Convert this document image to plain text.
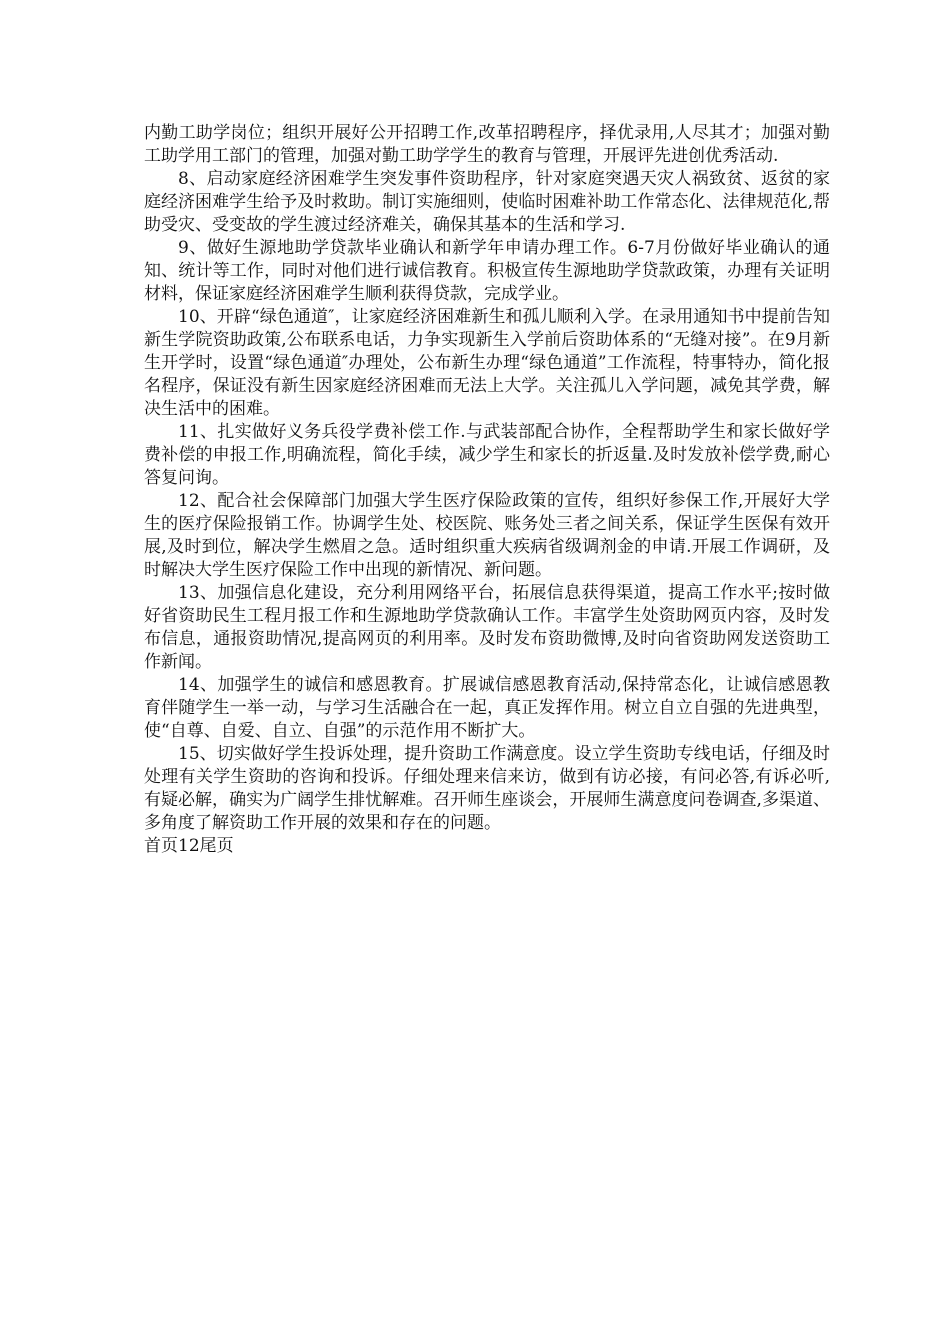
内勤工助学岗位；组织开展好公开招聘工作,改革招聘程序，择优录用,人尽其才；加强对勤工助学用工部门的管理，加强对勤工助学学生的教育与管理，开展评先进创优秀活动.

8、启动家庭经济困难学生突发事件资助程序，针对家庭突遇天灾人祸致贫、返贫的家庭经济困难学生给予及时救助。制订实施细则，使临时困难补助工作常态化、法律规范化,帮助受灾、受变故的学生渡过经济难关，确保其基本的生活和学习.

9、做好生源地助学贷款毕业确认和新学年申请办理工作。6-7月份做好毕业确认的通知、统计等工作，同时对他们进行诚信教育。积极宣传生源地助学贷款政策，办理有关证明材料，保证家庭经济困难学生顺利获得贷款，完成学业。

10、开辟“绿色通道″，让家庭经济困难新生和孤儿顺利入学。在录用通知书中提前告知新生学院资助政策,公布联系电话，力争实现新生入学前后资助体系的“无缝对接”。在9月新生开学时，设置“绿色通道″办理处，公布新生办理“绿色通道”工作流程，特事特办，简化报名程序，保证没有新生因家庭经济困难而无法上大学。关注孤儿入学问题，减免其学费，解决生活中的困难。

11、扎实做好义务兵役学费补偿工作.与武装部配合协作，全程帮助学生和家长做好学费补偿的申报工作,明确流程，简化手续，减少学生和家长的折返量.及时发放补偿学费,耐心答复问询。

12、配合社会保障部门加强大学生医疗保险政策的宣传，组织好参保工作,开展好大学生的医疗保险报销工作。协调学生处、校医院、账务处三者之间关系，保证学生医保有效开展,及时到位，解决学生燃眉之急。适时组织重大疾病省级调剂金的申请.开展工作调研，及时解决大学生医疗保险工作中出现的新情况、新问题。

13、加强信息化建设，充分利用网络平台，拓展信息获得渠道，提高工作水平;按时做好省资助民生工程月报工作和生源地助学贷款确认工作。丰富学生处资助网页内容，及时发布信息，通报资助情况,提高网页的利用率。及时发布资助微博,及时向省资助网发送资助工作新闻。

14、加强学生的诚信和感恩教育。扩展诚信感恩教育活动,保持常态化，让诚信感恩教育伴随学生一举一动，与学习生活融合在一起，真正发挥作用。树立自立自强的先进典型，使“自尊、自爱、自立、自强”的示范作用不断扩大。

15、切实做好学生投诉处理，提升资助工作满意度。设立学生资助专线电话，仔细及时处理有关学生资助的咨询和投诉。仔细处理来信来访，做到有访必接，有问必答,有诉必听,有疑必解，确实为广阔学生排忧解难。召开师生座谈会，开展师生满意度问卷调查,多渠道、多角度了解资助工作开展的效果和存在的问题。

首页12尾页
